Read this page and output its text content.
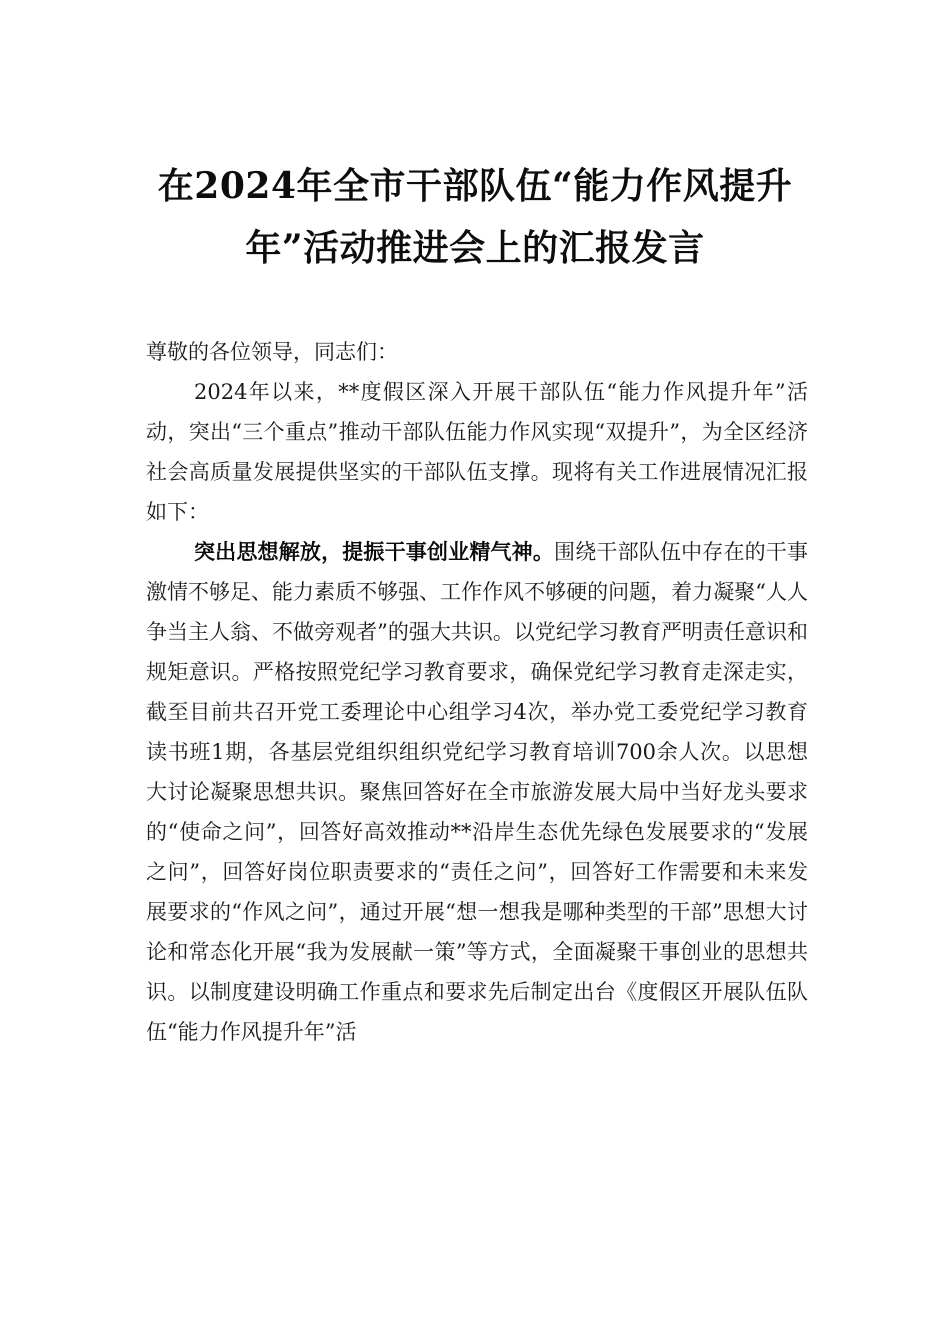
在2024年全市干部队伍“能力作风提升
年”活动推进会上的汇报发言

尊敬的各位领导，同志们：

2024年以来，**度假区深入开展干部队伍“能力作风提升年”活动，突出“三个重点”推动干部队伍能力作风实现“双提升”，为全区经济社会高质量发展提供坚实的干部队伍支撑。现将有关工作进展情况汇报如下：

突出思想解放，提振干事创业精气神。围绕干部队伍中存在的干事激情不够足、能力素质不够强、工作作风不够硬的问题，着力凝聚“人人争当主人翁、不做旁观者”的强大共识。以党纪学习教育严明责任意识和规矩意识。严格按照党纪学习教育要求，确保党纪学习教育走深走实，截至目前共召开党工委理论中心组学习4次，举办党工委党纪学习教育读书班1期，各基层党组织组织党纪学习教育培训700余人次。以思想大讨论凝聚思想共识。聚焦回答好在全市旅游发展大局中当好龙头要求的“使命之问”，回答好高效推动**沿岸生态优先绿色发展要求的“发展之问”，回答好岗位职责要求的“责任之问”，回答好工作需要和未来发展要求的“作风之问”，通过开展“想一想我是哪种类型的干部”思想大讨论和常态化开展“我为发展献一策”等方式，全面凝聚干事创业的思想共识。以制度建设明确工作重点和要求先后制定出台《度假区开展队伍队伍“能力作风提升年”活
